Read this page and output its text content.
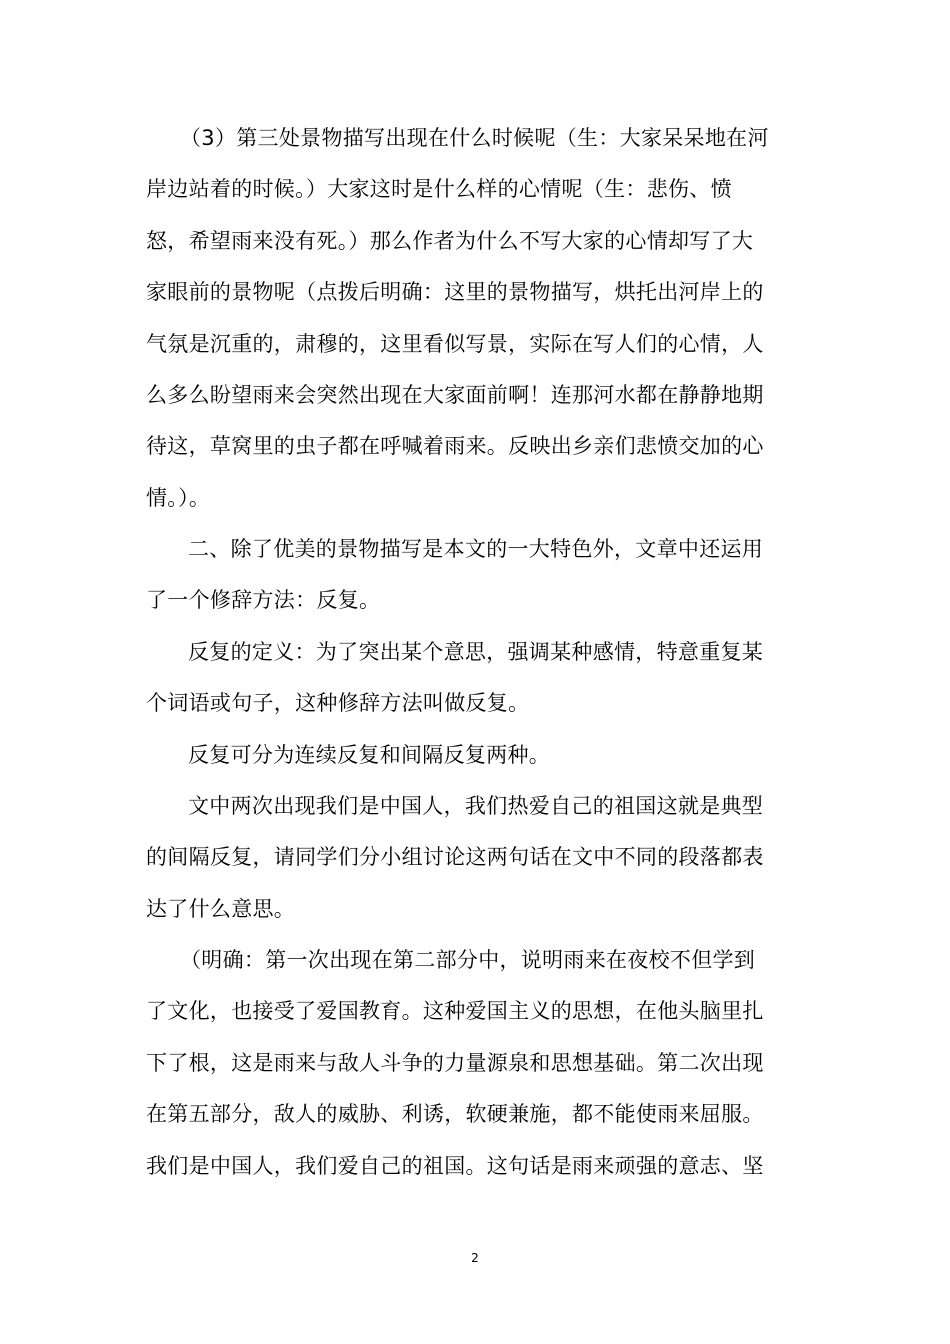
（3）第三处景物描写出现在什么时候呢（生：大家呆呆地在河
岸边站着的时候。）大家这时是什么样的心情呢（生：悲伤、愤
怒，希望雨来没有死。）那么作者为什么不写大家的心情却写了大
家眼前的景物呢（点拨后明确：这里的景物描写，烘托出河岸上的
气氛是沉重的，肃穆的，这里看似写景，实际在写人们的心情，人
么多么盼望雨来会突然出现在大家面前啊！连那河水都在静静地期
待这，草窝里的虫子都在呼喊着雨来。反映出乡亲们悲愤交加的心
情。）。
二、除了优美的景物描写是本文的一大特色外，文章中还运用
了一个修辞方法：反复。
反复的定义：为了突出某个意思，强调某种感情，特意重复某
个词语或句子，这种修辞方法叫做反复。
反复可分为连续反复和间隔反复两种。
文中两次出现我们是中国人，我们热爱自己的祖国这就是典型
的间隔反复，请同学们分小组讨论这两句话在文中不同的段落都表
达了什么意思。
（明确：第一次出现在第二部分中，说明雨来在夜校不但学到
了文化，也接受了爱国教育。这种爱国主义的思想，在他头脑里扎
下了根，这是雨来与敌人斗争的力量源泉和思想基础。第二次出现
在第五部分，敌人的威胁、利诱，软硬兼施，都不能使雨来屈服。
我们是中国人，我们爱自己的祖国。这句话是雨来顽强的意志、坚
2
